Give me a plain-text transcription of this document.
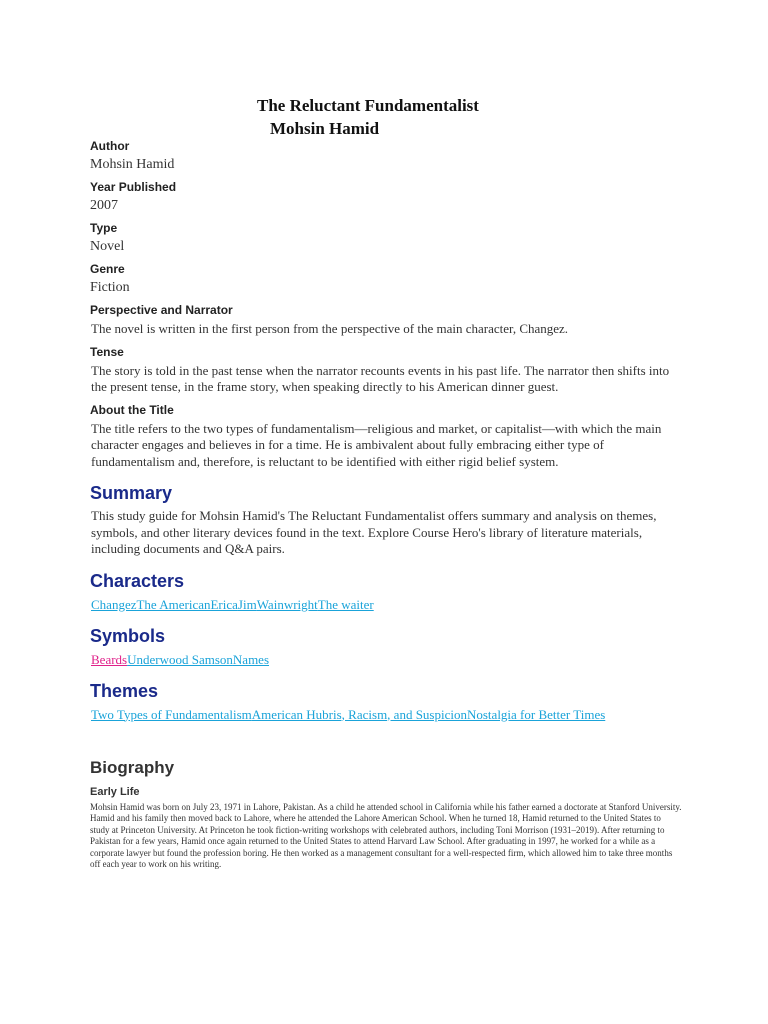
The Reluctant Fundamentalist
Mohsin Hamid

Author

Mohsin Hamid

Year Published

2007

Type

Novel

Genre

Fiction

Perspective and Narrator

The novel is written in the first person from the perspective of the main character, Changez.

Tense

The story is told in the past tense when the narrator recounts events in his past life. The narrator then shifts into the present tense, in the frame story, when speaking directly to his American dinner guest.

About the Title

The title refers to the two types of fundamentalism—religious and market, or capitalist—with which the main character engages and believes in for a time. He is ambivalent about fully embracing either type of fundamentalism and, therefore, is reluctant to be identified with either rigid belief system.

Summary

This study guide for Mohsin Hamid's The Reluctant Fundamentalist offers summary and analysis on themes, symbols, and other literary devices found in the text. Explore Course Hero's library of literature materials, including documents and Q&A pairs.

Characters

ChangezThe AmericanEricaJimWainwrightThe waiter

Symbols

BeardsUnderwood SamsonNames

Themes

Two Types of FundamentalismAmerican Hubris, Racism, and SuspicionNostalgia for Better Times

Biography

Early Life

Mohsin Hamid was born on July 23, 1971 in Lahore, Pakistan. As a child he attended school in California while his father earned a doctorate at Stanford University. Hamid and his family then moved back to Lahore, where he attended the Lahore American School. When he turned 18, Hamid returned to the United States to study at Princeton University. At Princeton he took fiction-writing workshops with celebrated authors, including Toni Morrison (1931–2019). After returning to Pakistan for a few years, Hamid once again returned to the United States to attend Harvard Law School. After graduating in 1997, he worked for a while as a corporate lawyer but found the profession boring. He then worked as a management consultant for a well-respected firm, which allowed him to take three months off each year to work on his writing.
